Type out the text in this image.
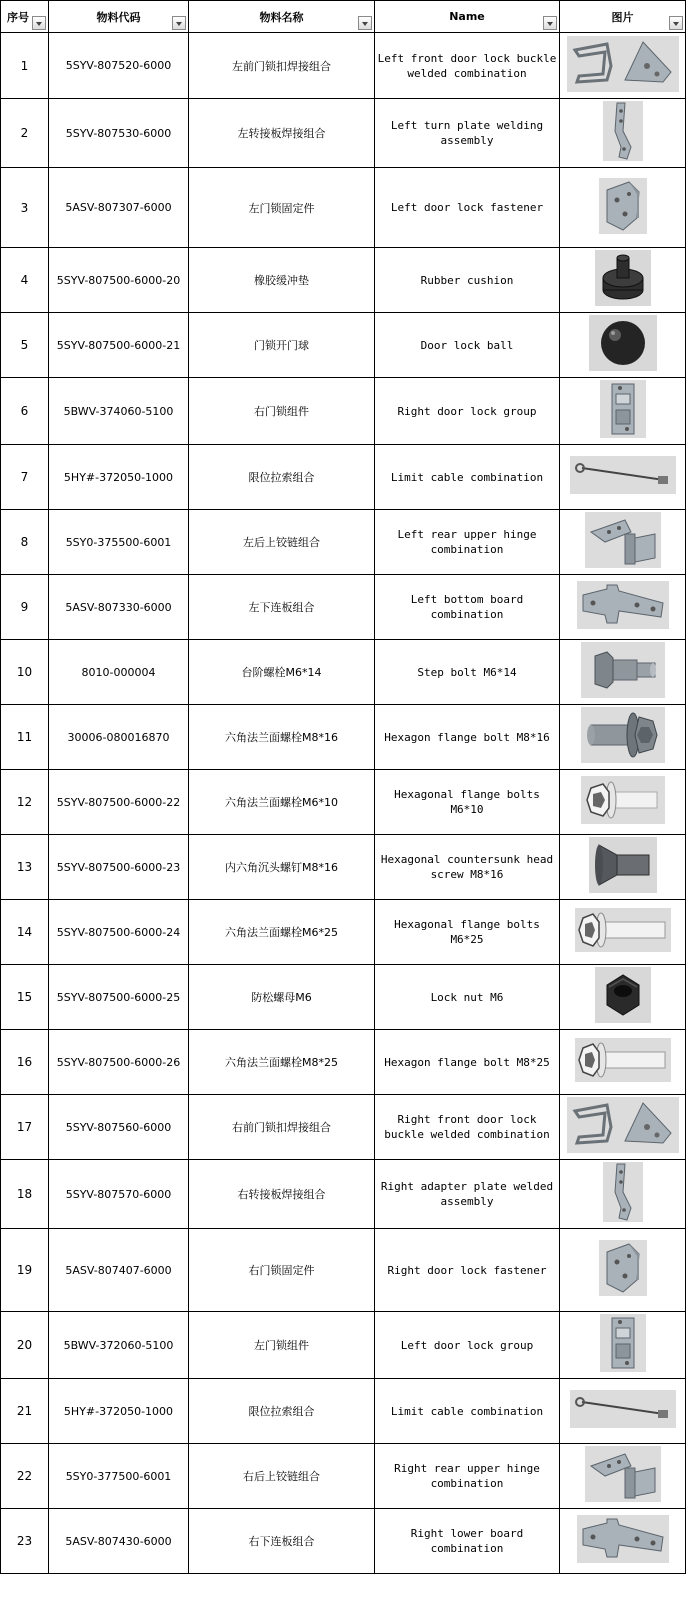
序号	物料代码	物料名称	Name	图片

1	5SYV-807520-6000	左前门锁扣焊接组合	Left front door lock buckle welded combination	

2	5SYV-807530-6000	左转接板焊接组合	Left turn plate welding assembly	

3	5ASV-807307-6000	左门锁固定件	Left door lock fastener	

4	5SYV-807500-6000-20	橡胶缓冲垫	Rubber cushion	

5	5SYV-807500-6000-21	门锁开门球	Door lock ball	

6	5BWV-374060-5100	右门锁组件	Right door lock group	

7	5HY#-372050-1000	限位拉索组合	Limit cable combination	

8	5SY0-375500-6001	左后上铰链组合	Left rear upper hinge combination	

9	5ASV-807330-6000	左下连板组合	Left bottom board combination	

10	8010-000004	台阶螺栓M6*14	Step bolt M6*14	

11	30006-080016870	六角法兰面螺栓M8*16	Hexagon flange bolt M8*16	

12	5SYV-807500-6000-22	六角法兰面螺栓M6*10	Hexagonal flange bolts M6*10	

13	5SYV-807500-6000-23	内六角沉头螺钉M8*16	Hexagonal countersunk head screw M8*16	

14	5SYV-807500-6000-24	六角法兰面螺栓M6*25	Hexagonal flange bolts M6*25	

15	5SYV-807500-6000-25	防松螺母M6	Lock nut M6	

16	5SYV-807500-6000-26	六角法兰面螺栓M8*25	Hexagon flange bolt M8*25	

17	5SYV-807560-6000	右前门锁扣焊接组合	Right front door lock buckle welded combination	

18	5SYV-807570-6000	右转接板焊接组合	Right adapter plate welded assembly	

19	5ASV-807407-6000	右门锁固定件	Right door lock fastener	

20	5BWV-372060-5100	左门锁组件	Left door lock group	

21	5HY#-372050-1000	限位拉索组合	Limit cable combination	

22	5SY0-377500-6001	右后上铰链组合	Right rear upper hinge combination	

23	5ASV-807430-6000	右下连板组合	Right lower board combination	
